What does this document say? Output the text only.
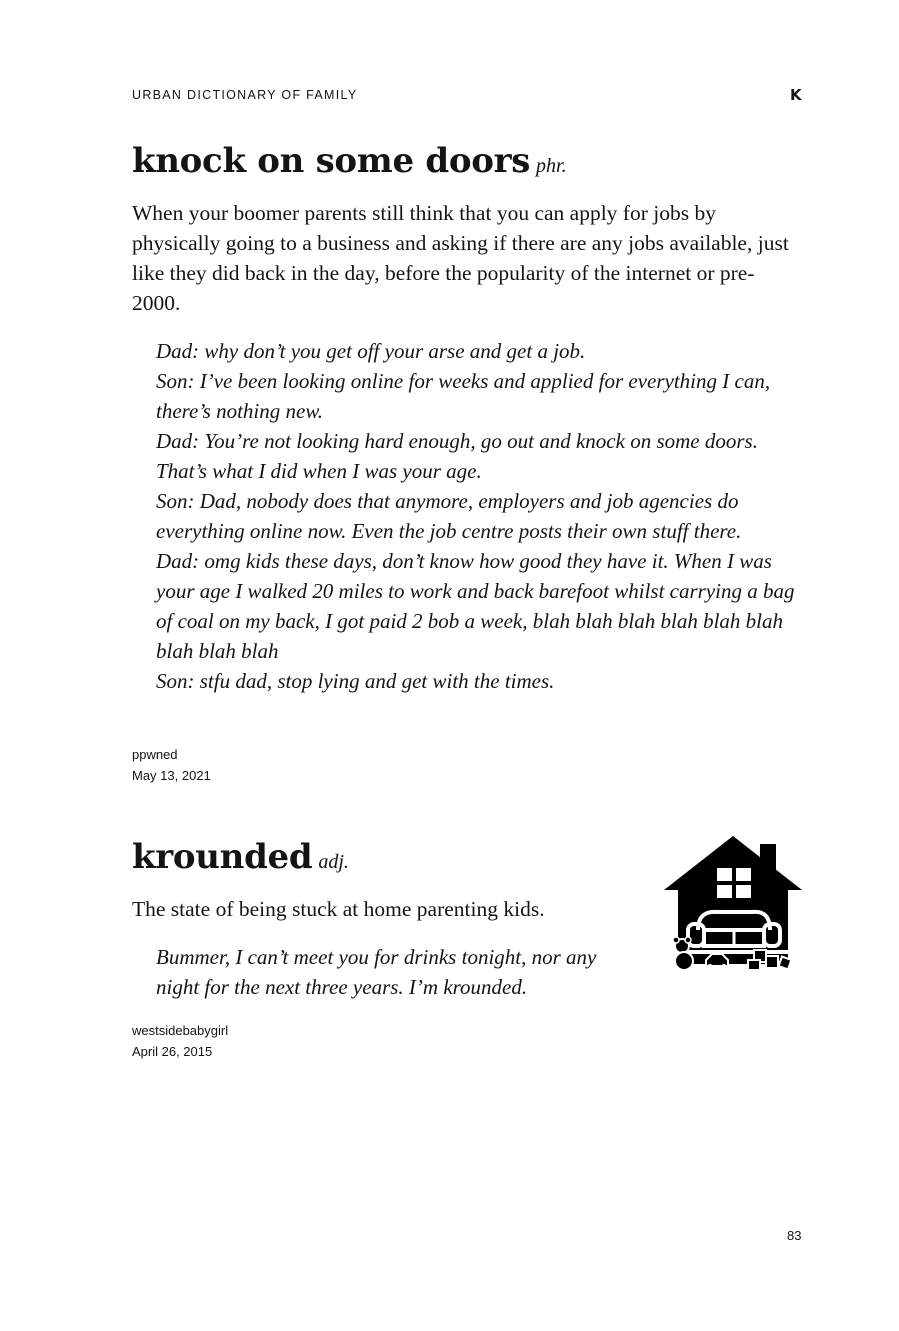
URBAN DICTIONARY OF FAMILY	K
knock on some doors phr.

When your boomer parents still think that you can apply for jobs by physically going to a business and asking if there are any jobs available, just like they did back in the day, before the popularity of the internet or pre-2000.

Dad: why don’t you get off your arse and get a job.
Son: I’ve been looking online for weeks and applied for everything I can, there’s nothing new.
Dad: You’re not looking hard enough, go out and knock on some doors. That’s what I did when I was your age.
Son: Dad, nobody does that anymore, employers and job agencies do everything online now. Even the job centre posts their own stuff there.
Dad: omg kids these days, don’t know how good they have it. When I was your age I walked 20 miles to work and back barefoot whilst carrying a bag of coal on my back, I got paid 2 bob a week, blah blah blah blah blah blah blah blah blah
Son: stfu dad, stop lying and get with the times.
ppwned
May 13, 2021
krounded adj.

The state of being stuck at home parenting kids.

Bummer, I can’t meet you for drinks tonight, nor any night for the next three years. I’m krounded.
westsidebabygirl
April 26, 2015
83
